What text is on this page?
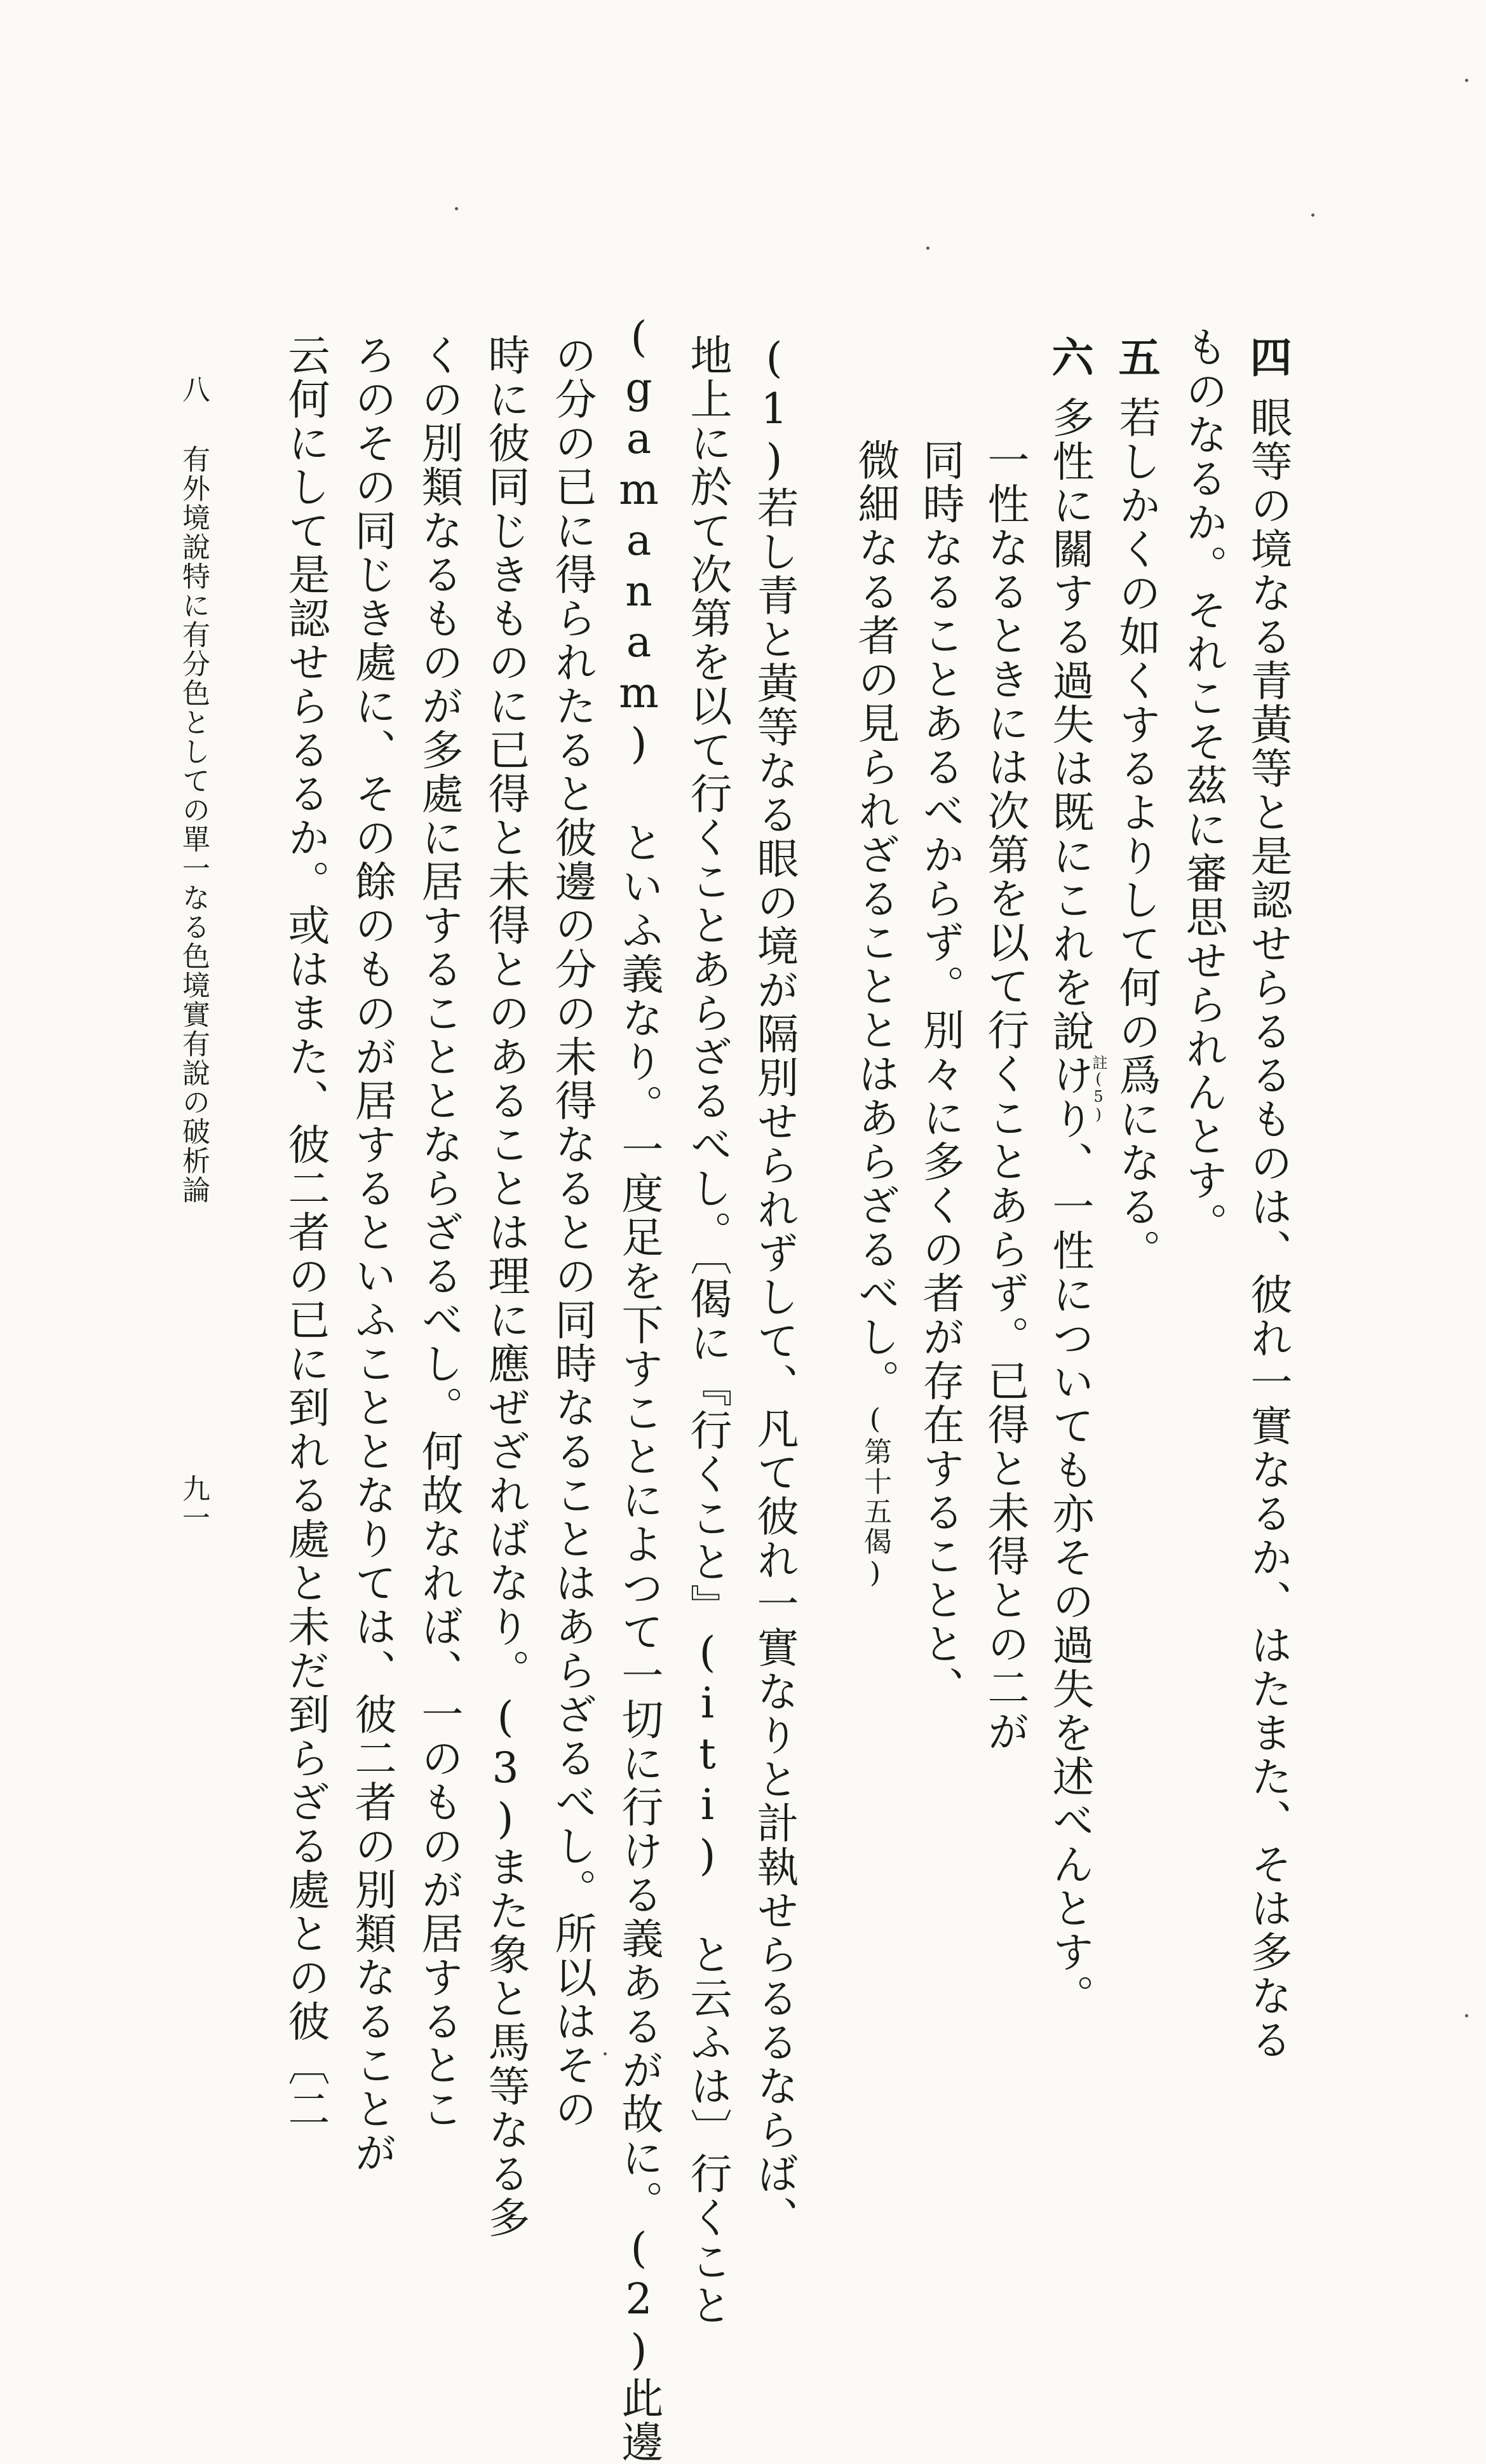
四眼等の境なる青黃等と是認せらるるものは、彼れ一實なるか、はたまた、そは多なる
ものなるか。それこそ茲に審思せられんとす。
五若しかくの如くするよりして何の爲になる。
六多性に關する過失は既にこれを說けり、一性についても亦その過失を述べんとす。
註(5)
一性なるときには次第を以て行くことあらず。已得と未得との二が
同時なることあるべからず。別々に多くの者が存在することと、
微細なる者の見られざることとはあらざるべし。(第十五偈)
(1)若し青と黃等なる眼の境が隔別せられずして、凡て彼れ一實なりと計執せらるるならば、
地上に於て次第を以て行くことあらざるべし。〔偈に『行くこと』(iti) と云ふは〕行くこと
(gamanam) といふ義なり。一度足を下すことによつて一切に行ける義あるが故に。(2)此邊
の分の已に得られたると彼邊の分の未得なるとの同時なることはあらざるべし。所以はその
時に彼同じきものに已得と未得とのあることは理に應ぜざればなり。(3)また象と馬等なる多
くの別類なるものが多處に居することとならざるべし。何故なれば、一のものが居するとこ
ろのその同じき處に、その餘のものが居するといふこととなりては、彼二者の別類なることが
云何にして是認せらるるか。或はまた、彼二者の已に到れる處と未だ到らざる處との彼〔二
八
有外境說特に有分色としての單一なる色境實有說の破析論
九一
